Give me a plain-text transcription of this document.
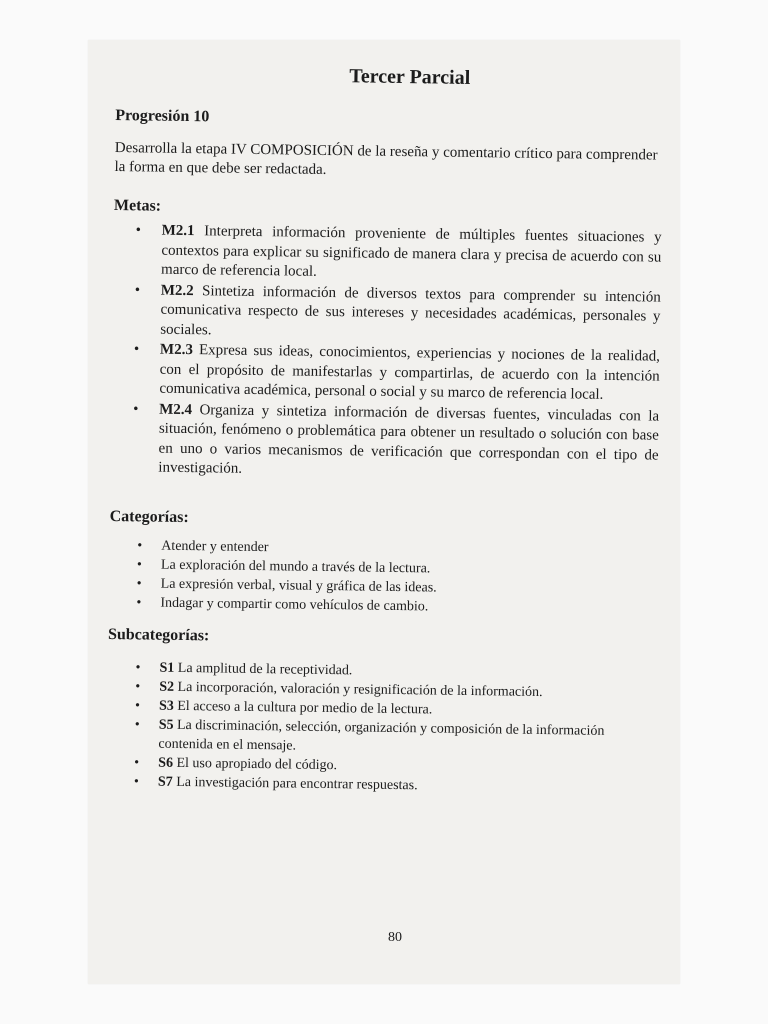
Tercer Parcial
Progresión 10

Desarrolla la etapa IV COMPOSICIÓN de la reseña y comentario crítico para comprender la forma en que debe ser redactada.

Metas:
• M2.1 Interpreta información proveniente de múltiples fuentes situaciones y contextos para explicar su significado de manera clara y precisa de acuerdo con su marco de referencia local.
• M2.2 Sintetiza información de diversos textos para comprender su intención comunicativa respecto de sus intereses y necesidades académicas, personales y sociales.
• M2.3 Expresa sus ideas, conocimientos, experiencias y nociones de la realidad, con el propósito de manifestarlas y compartirlas, de acuerdo con la intención comunicativa académica, personal o social y su marco de referencia local.
• M2.4 Organiza y sintetiza información de diversas fuentes, vinculadas con la situación, fenómeno o problemática para obtener un resultado o solución con base en uno o varios mecanismos de verificación que correspondan con el tipo de investigación.
Categorías:
• Atender y entender
• La exploración del mundo a través de la lectura.
• La expresión verbal, visual y gráfica de las ideas.
• Indagar y compartir como vehículos de cambio.
Subcategorías:
• S1 La amplitud de la receptividad.
• S2 La incorporación, valoración y resignificación de la información.
• S3 El acceso a la cultura por medio de la lectura.
• S5 La discriminación, selección, organización y composición de la información contenida en el mensaje.
• S6 El uso apropiado del código.
• S7 La investigación para encontrar respuestas.
80
